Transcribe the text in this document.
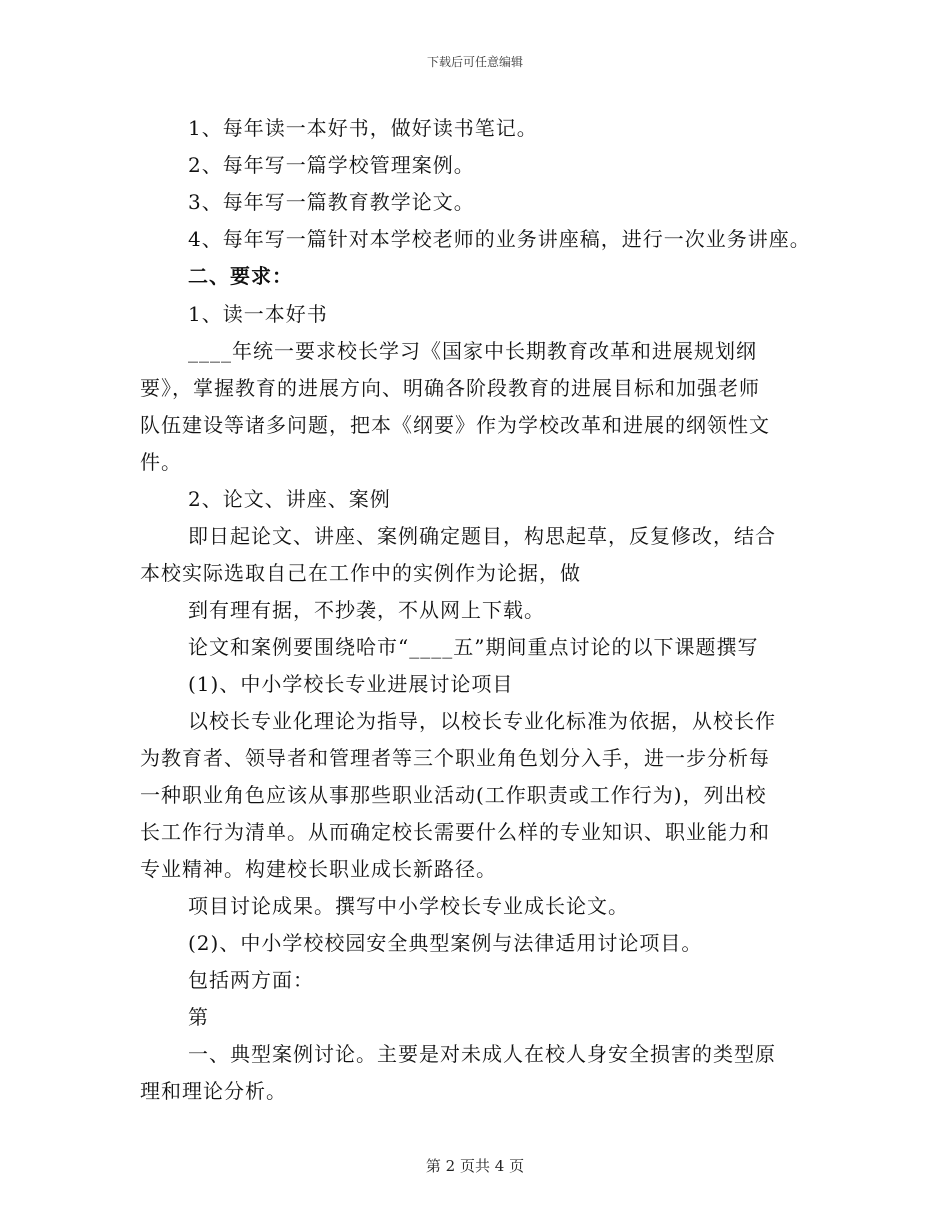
下载后可任意编辑
1、每年读一本好书，做好读书笔记。
2、每年写一篇学校管理案例。
3、每年写一篇教育教学论文。
4、每年写一篇针对本学校老师的业务讲座稿，进行一次业务讲座。
二、要求：
1、读一本好书
____年统一要求校长学习《国家中长期教育改革和进展规划纲
要》，掌握教育的进展方向、明确各阶段教育的进展目标和加强老师
队伍建设等诸多问题，把本《纲要》作为学校改革和进展的纲领性文
件。
2、论文、讲座、案例
即日起论文、讲座、案例确定题目，构思起草，反复修改，结合
本校实际选取自己在工作中的实例作为论据，做
到有理有据，不抄袭，不从网上下载。
论文和案例要围绕哈市“____五”期间重点讨论的以下课题撰写
(1)、中小学校长专业进展讨论项目
以校长专业化理论为指导，以校长专业化标准为依据，从校长作
为教育者、领导者和管理者等三个职业角色划分入手，进一步分析每
一种职业角色应该从事那些职业活动(工作职责或工作行为)，列出校
长工作行为清单。从而确定校长需要什么样的专业知识、职业能力和
专业精神。构建校长职业成长新路径。
项目讨论成果。撰写中小学校长专业成长论文。
(2)、中小学校校园安全典型案例与法律适用讨论项目。
包括两方面：
第
一、典型案例讨论。主要是对未成人在校人身安全损害的类型原
理和理论分析。
第 2 页共 4 页
